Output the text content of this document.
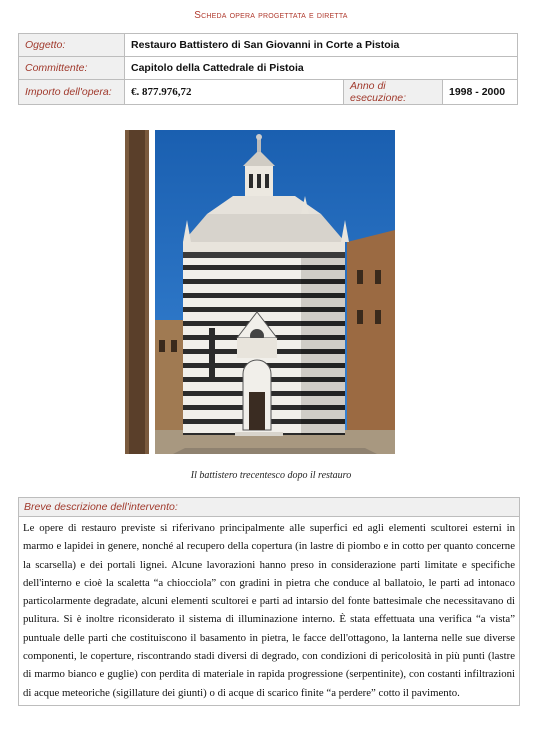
Scheda opera progettata e diretta
Oggetto:	Restauro Battistero di San Giovanni in Corte a Pistoia		
Committente:	Capitolo della Cattedrale di Pistoia		
Importo dell'opera:	€. 877.976,72	Anno di esecuzione:	1998 - 2000
Il battistero trecentesco dopo il restauro
Breve descrizione dell'intervento:
Le opere di restauro previste si riferivano principalmente alle superfici ed agli elementi scultorei esterni in marmo e lapidei in genere, nonché al recupero della copertura (in lastre di piombo e in cotto per quanto concerne la scarsella) e dei portali lignei. Alcune lavorazioni hanno preso in considerazione parti limitate e specifiche dell'interno e cioè la scaletta “a chiocciola” con gradini in pietra che conduce al ballatoio, le parti ad intonaco particolarmente degradate, alcuni elementi scultorei e parti ad intarsio del fonte battesimale che necessitavano di pulitura. Si è inoltre riconsiderato il sistema di illuminazione interno. È stata effettuata una verifica “a vista” puntuale delle parti che costituiscono il basamento in pietra, le facce dell'ottagono, la lanterna nelle sue diverse componenti, le coperture, riscontrando stadi diversi di degrado, con condizioni di pericolosità in più punti (lastre di marmo bianco e guglie) con perdita di materiale in rapida progressione (serpentinite), con costanti infiltrazioni di acque meteoriche (sigillature dei giunti) o di acque di scarico finite “a perdere” cotto il pavimento.
